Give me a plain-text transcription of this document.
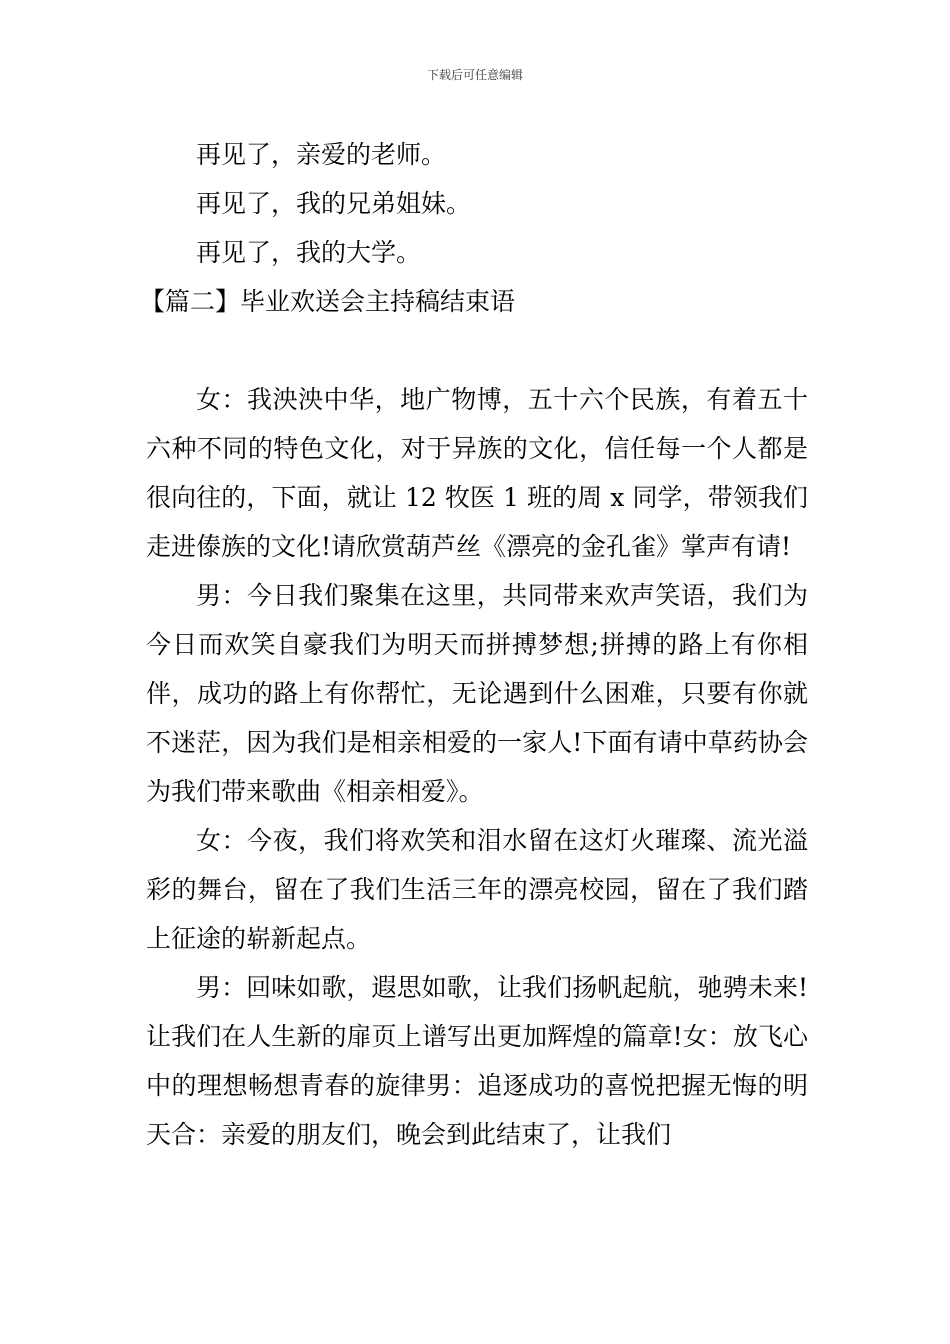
下载后可任意编辑

再见了，亲爱的老师。

再见了，我的兄弟姐妹。

再见了，我的大学。

【篇二】毕业欢送会主持稿结束语

女：我泱泱中华，地广物博，五十六个民族，有着五十六种不同的特色文化，对于异族的文化，信任每一个人都是很向往的，下面，就让 12 牧医 1 班的周 x 同学，带领我们走进傣族的文化!请欣赏葫芦丝《漂亮的金孔雀》掌声有请!

男：今日我们聚集在这里，共同带来欢声笑语，我们为今日而欢笑自豪我们为明天而拼搏梦想;拼搏的路上有你相伴，成功的路上有你帮忙，无论遇到什么困难，只要有你就不迷茫，因为我们是相亲相爱的一家人!下面有请中草药协会为我们带来歌曲《相亲相爱》。

女：今夜，我们将欢笑和泪水留在这灯火璀璨、流光溢彩的舞台，留在了我们生活三年的漂亮校园，留在了我们踏上征途的崭新起点。

男：回味如歌，遐思如歌，让我们扬帆起航，驰骋未来!让我们在人生新的扉页上谱写出更加辉煌的篇章!女：放飞心中的理想畅想青春的旋律男：追逐成功的喜悦把握无悔的明天合：亲爱的朋友们，晚会到此结束了，让我们
